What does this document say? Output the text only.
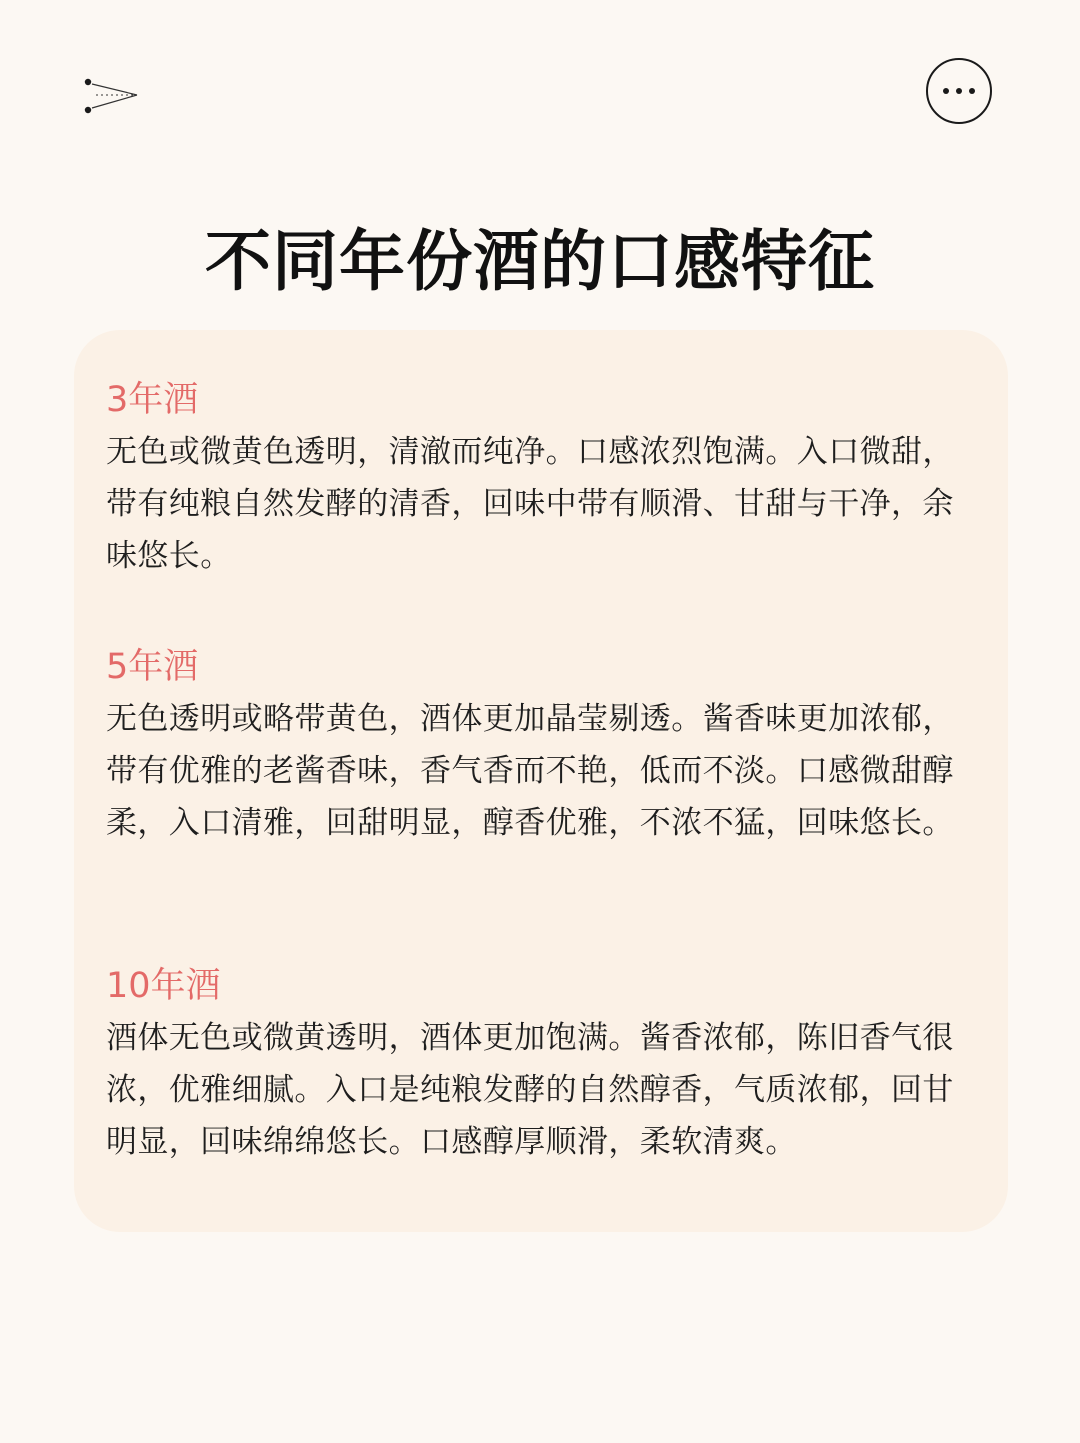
不同年份酒的口感特征
3年酒

无色或微黄色透明，清澈而纯净。口感浓烈饱满。入口微甜，带有纯粮自然发酵的清香，回味中带有顺滑、甘甜与干净，余味悠长。

5年酒

无色透明或略带黄色，酒体更加晶莹剔透。酱香味更加浓郁，带有优雅的老酱香味，香气香而不艳，低而不淡。口感微甜醇柔，入口清雅，回甜明显，醇香优雅，不浓不猛，回味悠长。

10年酒

酒体无色或微黄透明，酒体更加饱满。酱香浓郁，陈旧香气很浓，优雅细腻。入口是纯粮发酵的自然醇香，气质浓郁，回甘明显，回味绵绵悠长。口感醇厚顺滑，柔软清爽。
